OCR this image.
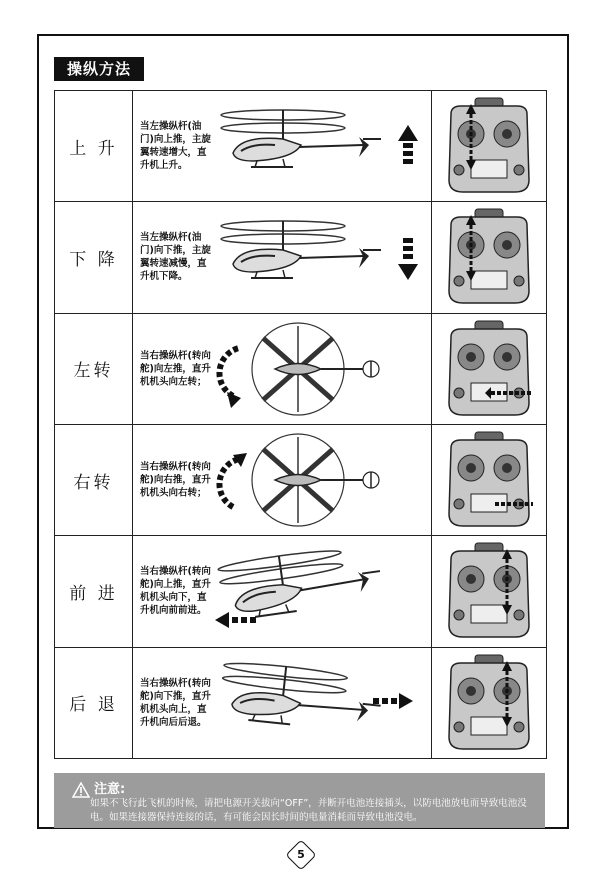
操纵方法
上 升	当左操纵杆(油门)向上推，主旋翼转速增大，直升机上升。

下 降	当左操纵杆(油门)向下推，主旋翼转速减慢，直升机下降。

左转	当右操纵杆(转向舵)向左推，直升机机头向左转；

右转	当右操纵杆(转向舵)向右推，直升机机头向右转；

前 进	当右操纵杆(转向舵)向上推，直升机机头向下，直升机向前前进。

后 退	当右操纵杆(转向舵)向下推，直升机机头向上，直升机向后后退。

注意:
如果不飞行此飞机的时候，请把电源开关拔向“OFF”，并断开电池连接插头，以防电池放电而导致电池没电。如果连接器保持连接的话，有可能会因长时间的电量消耗而导致电池没电。
5
